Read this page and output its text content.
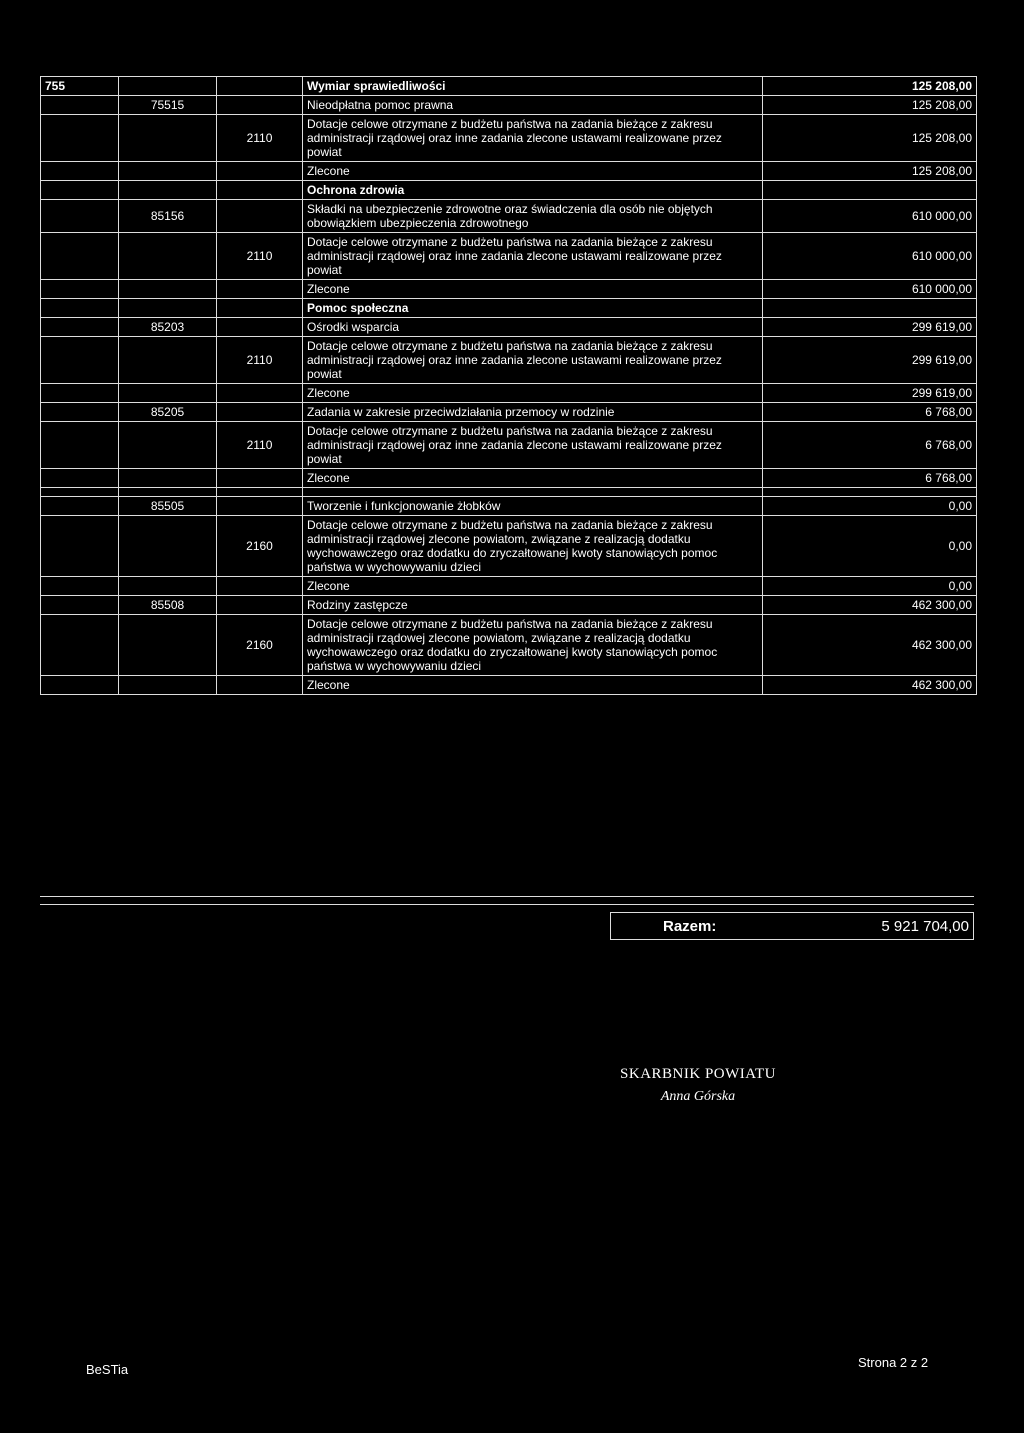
755			Wymiar sprawiedliwości	125 208,00
	75515		Nieodpłatna pomoc prawna	125 208,00
		2110	Dotacje celowe otrzymane z budżetu państwa na zadania bieżące z zakresu administracji rządowej oraz inne zadania zlecone ustawami realizowane przez powiat	125 208,00
			Zlecone	125 208,00
			Ochrona zdrowia	
	85156		Składki na ubezpieczenie zdrowotne oraz świadczenia dla osób nie objętych obowiązkiem ubezpieczenia zdrowotnego	610 000,00
		2110	Dotacje celowe otrzymane z budżetu państwa na zadania bieżące z zakresu administracji rządowej oraz inne zadania zlecone ustawami realizowane przez powiat	610 000,00
			Zlecone	610 000,00
			Pomoc społeczna	
	85203		Ośrodki wsparcia	299 619,00
		2110	Dotacje celowe otrzymane z budżetu państwa na zadania bieżące z zakresu administracji rządowej oraz inne zadania zlecone ustawami realizowane przez powiat	299 619,00
			Zlecone	299 619,00
	85205		Zadania w zakresie przeciwdziałania przemocy w rodzinie	6 768,00
		2110	Dotacje celowe otrzymane z budżetu państwa na zadania bieżące z zakresu administracji rządowej oraz inne zadania zlecone ustawami realizowane przez powiat	6 768,00
			Zlecone	6 768,00

	85505		Tworzenie i funkcjonowanie żłobków	0,00
		2160	Dotacje celowe otrzymane z budżetu państwa na zadania bieżące z zakresu administracji rządowej zlecone powiatom, związane z realizacją dodatku wychowawczego oraz dodatku do zryczałtowanej kwoty stanowiących pomoc państwa w wychowywaniu dzieci	0,00
			Zlecone	0,00
	85508		Rodziny zastępcze	462 300,00
		2160	Dotacje celowe otrzymane z budżetu państwa na zadania bieżące z zakresu administracji rządowej zlecone powiatom, związane z realizacją dodatku wychowawczego oraz dodatku do zryczałtowanej kwoty stanowiących pomoc państwa w wychowywaniu dzieci	462 300,00
			Zlecone	462 300,00
Razem:	5 921 704,00
SKARBNIK POWIATU
Anna Górska
BeSTia	Strona 2 z 2
